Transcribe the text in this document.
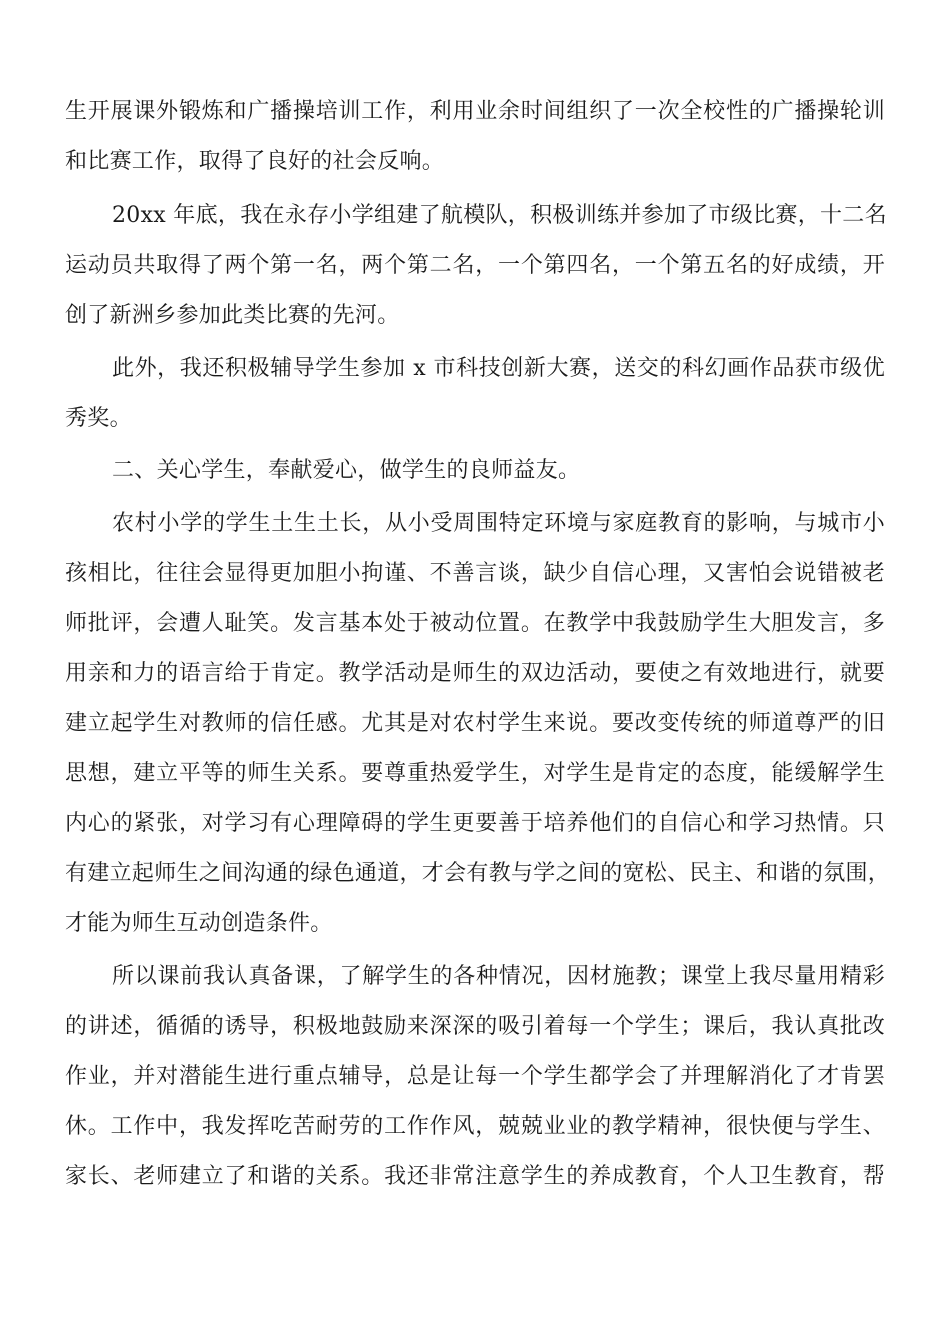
生开展课外锻炼和广播操培训工作，利用业余时间组织了一次全校性的广播操轮训
和比赛工作，取得了良好的社会反响。
20xx 年底，我在永存小学组建了航模队，积极训练并参加了市级比赛，十二名
运动员共取得了两个第一名，两个第二名，一个第四名，一个第五名的好成绩，开
创了新洲乡参加此类比赛的先河。
此外，我还积极辅导学生参加 x 市科技创新大赛，送交的科幻画作品获市级优
秀奖。
二、关心学生，奉献爱心，做学生的良师益友。
农村小学的学生土生土长，从小受周围特定环境与家庭教育的影响，与城市小
孩相比，往往会显得更加胆小拘谨、不善言谈，缺少自信心理，又害怕会说错被老
师批评，会遭人耻笑。发言基本处于被动位置。在教学中我鼓励学生大胆发言，多
用亲和力的语言给于肯定。教学活动是师生的双边活动，要使之有效地进行，就要
建立起学生对教师的信任感。尤其是对农村学生来说。要改变传统的师道尊严的旧
思想，建立平等的师生关系。要尊重热爱学生，对学生是肯定的态度，能缓解学生
内心的紧张，对学习有心理障碍的学生更要善于培养他们的自信心和学习热情。只
有建立起师生之间沟通的绿色通道，才会有教与学之间的宽松、民主、和谐的氛围，
才能为师生互动创造条件。
所以课前我认真备课，了解学生的各种情况，因材施教；课堂上我尽量用精彩
的讲述，循循的诱导，积极地鼓励来深深的吸引着每一个学生；课后，我认真批改
作业，并对潜能生进行重点辅导，总是让每一个学生都学会了并理解消化了才肯罢
休。工作中，我发挥吃苦耐劳的工作作风，兢兢业业的教学精神，很快便与学生、
家长、老师建立了和谐的关系。我还非常注意学生的养成教育，个人卫生教育，帮
